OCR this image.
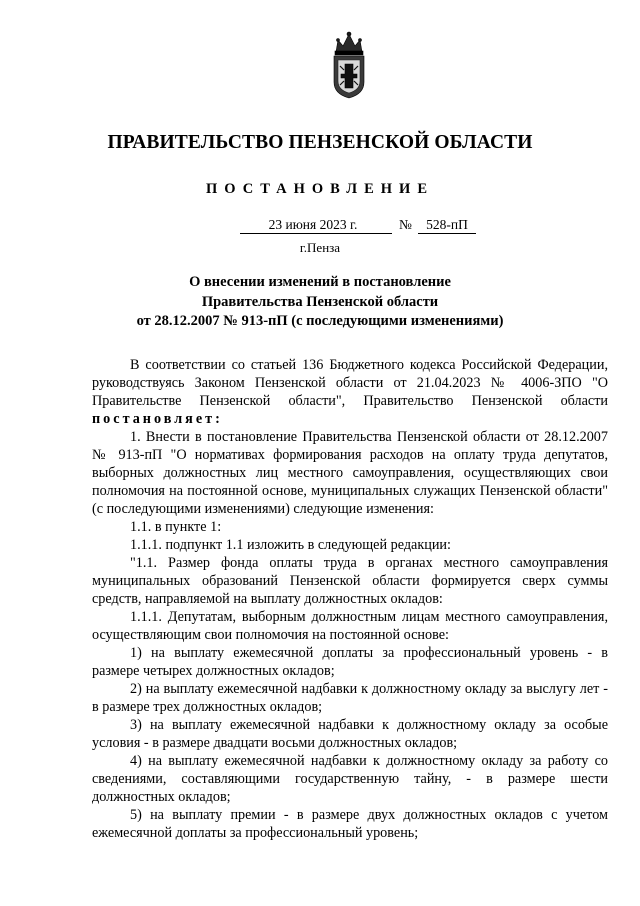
ПРАВИТЕЛЬСТВО ПЕНЗЕНСКОЙ ОБЛАСТИ
ПОСТАНОВЛЕНИЕ
23 июня 2023 г.	№	528-пП
г.Пенза
О внесении изменений в постановление
Правительства Пензенской области
от 28.12.2007 № 913-пП (с последующими изменениями)

В соответствии со статьей 136 Бюджетного кодекса Российской Федерации, руководствуясь Законом Пензенской области от 21.04.2023 № 4006-ЗПО "О Правительстве Пензенской области", Правительство Пензенской области постановляет:

1. Внести в постановление Правительства Пензенской области от 28.12.2007 № 913-пП "О нормативах формирования расходов на оплату труда депутатов, выборных должностных лиц местного самоуправления, осуществляющих свои полномочия на постоянной основе, муниципальных служащих Пензенской области" (с последующими изменениями) следующие изменения:

1.1. в пункте 1:

1.1.1. подпункт 1.1 изложить в следующей редакции:

"1.1. Размер фонда оплаты труда в органах местного самоуправления муниципальных образований Пензенской области формируется сверх суммы средств, направляемой на выплату должностных окладов:

1.1.1. Депутатам, выборным должностным лицам местного самоуправления, осуществляющим свои полномочия на постоянной основе:

1) на выплату ежемесячной доплаты за профессиональный уровень - в размере четырех должностных окладов;

2) на выплату ежемесячной надбавки к должностному окладу за выслугу лет - в размере трех должностных окладов;

3) на выплату ежемесячной надбавки к должностному окладу за особые условия - в размере двадцати восьми должностных окладов;

4) на выплату ежемесячной надбавки к должностному окладу за работу со сведениями, составляющими государственную тайну, - в размере шести должностных окладов;

5) на выплату премии - в размере двух должностных окладов с учетом ежемесячной доплаты за профессиональный уровень;
